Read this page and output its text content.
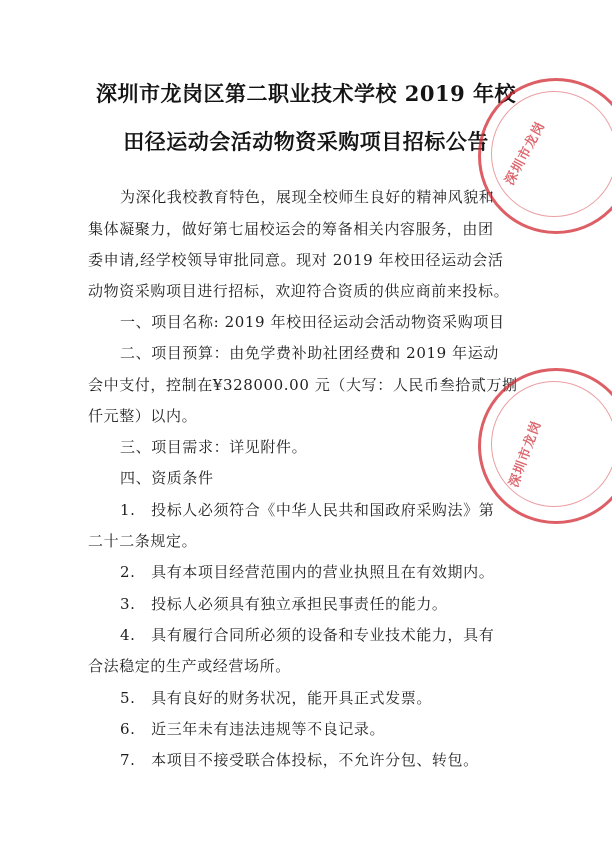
深圳市龙岗区第二职业技术学校 2019 年校
田径运动会活动物资采购项目招标公告
为深化我校教育特色，展现全校师生良好的精神风貌和
集体凝聚力，做好第七届校运会的筹备相关内容服务，由团
委申请,经学校领导审批同意。现对 2019 年校田径运动会活
动物资采购项目进行招标，欢迎符合资质的供应商前来投标。
一、项目名称: 2019 年校田径运动会活动物资采购项目
二、项目预算：由免学费补助社团经费和 2019 年运动
会中支付，控制在¥328000.00 元（大写：人民币叁拾贰万捌
仟元整）以内。
三、项目需求：详见附件。
四、资质条件
1.　投标人必须符合《中华人民共和国政府采购法》第
二十二条规定。
2.　具有本项目经营范围内的营业执照且在有效期内。
3.　投标人必须具有独立承担民事责任的能力。
4.　具有履行合同所必须的设备和专业技术能力，具有
合法稳定的生产或经营场所。
5.　具有良好的财务状况，能开具正式发票。
6.　近三年未有违法违规等不良记录。
7.　本项目不接受联合体投标，不允许分包、转包。
深圳市龙岗
深圳市龙岗
